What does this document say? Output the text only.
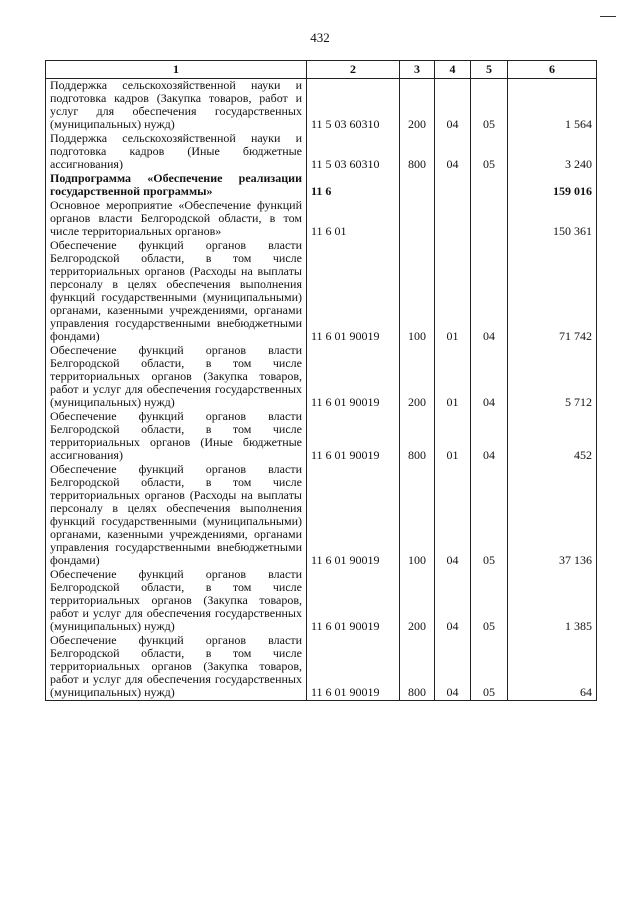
432
1	2	3	4	5	6
Поддержка сельскохозяйственной науки и подготовка кадров (Закупка товаров, работ и услуг для обеспечения государственных (муниципальных) нужд)	11 5 03 60310	200	04	05	1 564
Поддержка сельскохозяйственной науки и подготовка кадров (Иные бюджетные ассигнования)	11 5 03 60310	800	04	05	3 240
Подпрограмма «Обеспечение реализации государственной программы»	11 6				159 016
Основное мероприятие «Обеспечение функций органов власти Белгородской области, в том числе территориальных органов»	11 6 01				150 361
Обеспечение функций органов власти Белгородской области, в том числе территориальных органов (Расходы на выплаты персоналу в целях обеспечения выполнения функций государственными (муниципальными) органами, казенными учреждениями, органами управления государственными внебюджетными фондами)	11 6 01 90019	100	01	04	71 742
Обеспечение функций органов власти Белгородской области, в том числе территориальных органов (Закупка товаров, работ и услуг для обеспечения государственных (муниципальных) нужд)	11 6 01 90019	200	01	04	5 712
Обеспечение функций органов власти Белгородской области, в том числе территориальных органов (Иные бюджетные ассигнования)	11 6 01 90019	800	01	04	452
Обеспечение функций органов власти Белгородской области, в том числе территориальных органов (Расходы на выплаты персоналу в целях обеспечения выполнения функций государственными (муниципальными) органами, казенными учреждениями, органами управления государственными внебюджетными фондами)	11 6 01 90019	100	04	05	37 136
Обеспечение функций органов власти Белгородской области, в том числе территориальных органов (Закупка товаров, работ и услуг для обеспечения государственных (муниципальных) нужд)	11 6 01 90019	200	04	05	1 385
Обеспечение функций органов власти Белгородской области, в том числе территориальных органов (Закупка товаров, работ и услуг для обеспечения государственных (муниципальных) нужд)	11 6 01 90019	800	04	05	64
